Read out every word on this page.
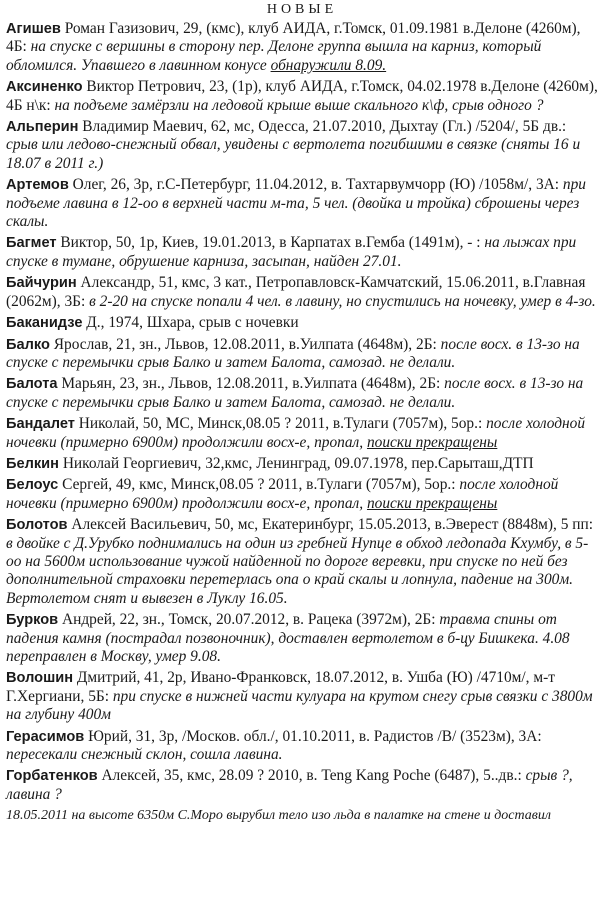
НОВЫЕ
Агишев Роман Газизович, 29, (кмс), клуб АИДА, г.Томск, 01.09.1981 в.Делоне (4260м), 4Б: на спуске с вершины в сторону пер. Делоне группа вышла на карниз, который обломился. Упавшего в лавинном конусе обнаружили 8.09.
Аксиненко Виктор Петрович, 23, (1р), клуб АИДА, г.Томск, 04.02.1978 в.Делоне (4260м), 4Б н\к: на подъеме замёрзли на ледовой крыше выше скального к\ф, срыв одного ?
Альперин Владимир Маевич, 62, мс, Одесса, 21.07.2010, Дыхтау (Гл.) /5204/, 5Б дв.: срыв или ледово-снежный обвал, увидены с вертолета погибшими в связке (сняты 16 и 18.07 в 2011 г.)
Артемов Олег, 26, 3р, г.С-Петербург, 11.04.2012, в. Тахтарвумчорр (Ю) /1058м/, 3А: при подъеме лавина в 12-оо в верхней части м-та, 5 чел. (двойка и тройка) сброшены через скалы.
Багмет Виктор, 50, 1р, Киев, 19.01.2013, в Карпатах в.Гемба (1491м), - : на лыжах при спуске в тумане, обрушение карниза, засыпан, найден 27.01.
Байчурин Александр, 51, кмс, 3 кат., Петропавловск-Камчатский, 15.06.2011, в.Главная (2062м), 3Б: в 2-20 на спуске попали 4 чел. в лавину, но спустились на ночевку, умер в 4-зо.
Баканидзе Д., 1974, Шхара, срыв с ночевки
Балко Ярослав, 21, зн., Львов, 12.08.2011, в.Уилпата (4648м), 2Б: после восх. в 13-зо на спуске с перемычки срыв Балко и затем Балота, самозад. не делали.
Балота Марьян, 23, зн., Львов, 12.08.2011, в.Уилпата (4648м), 2Б: после восх. в 13-зо на спуске с перемычки срыв Балко и затем Балота, самозад. не делали.
Бандалет Николай, 50, МС, Минск,08.05 ? 2011, в.Тулаги (7057м), 5ор.: после холодной ночевки (примерно 6900м) продолжили восх-е, пропал, поиски прекращены
Белкин Николай Георгиевич, 32,кмс, Ленинград, 09.07.1978, пер.Сарыташ,ДТП
Белоус Сергей, 49, кмс, Минск,08.05 ? 2011, в.Тулаги (7057м), 5ор.: после холодной ночевки (примерно 6900м) продолжили восх-е, пропал, поиски прекращены
Болотов Алексей Васильевич, 50, мс, Екатеринбург, 15.05.2013, в.Эверест (8848м), 5 пп: в двойке с Д.Урубко поднимались на один из гребней Нупце в обход ледопада Кхумбу, в 5-оо на 5600м использование чужой найденной по дороге веревки, при спуске по ней без дополнительной страховки перетерлась опа о край скалы и лопнула, падение на 300м. Вертолетом снят и вывезен в Луклу 16.05.
Бурков Андрей, 22, зн., Томск, 20.07.2012, в. Рацека (3972м), 2Б: травма спины от падения камня (пострадал позвоночник), доставлен вертолетом в б-цу Бишкека. 4.08 переправлен в Москву, умер 9.08.
Волошин Дмитрий, 41, 2р, Ивано-Франковск, 18.07.2012, в. Ушба (Ю) /4710м/, м-т Г.Хергиани, 5Б: при спуске в нижней части кулуара на крутом снегу срыв связки с 3800м на глубину 400м
Герасимов Юрий, 31, 3р, /Москов. обл./, 01.10.2011, в. Радистов /В/ (3523м), 3А: пересекали снежный склон, сошла лавина.
Горбатенков Алексей, 35, кмс, 28.09 ? 2010, в. Teng Kang Poche (6487), 5..дв.: срыв ?, лавина ?
18.05.2011 на высоте 6350м С.Моро вырубил тело изо льда в палатке на стене и доставил
